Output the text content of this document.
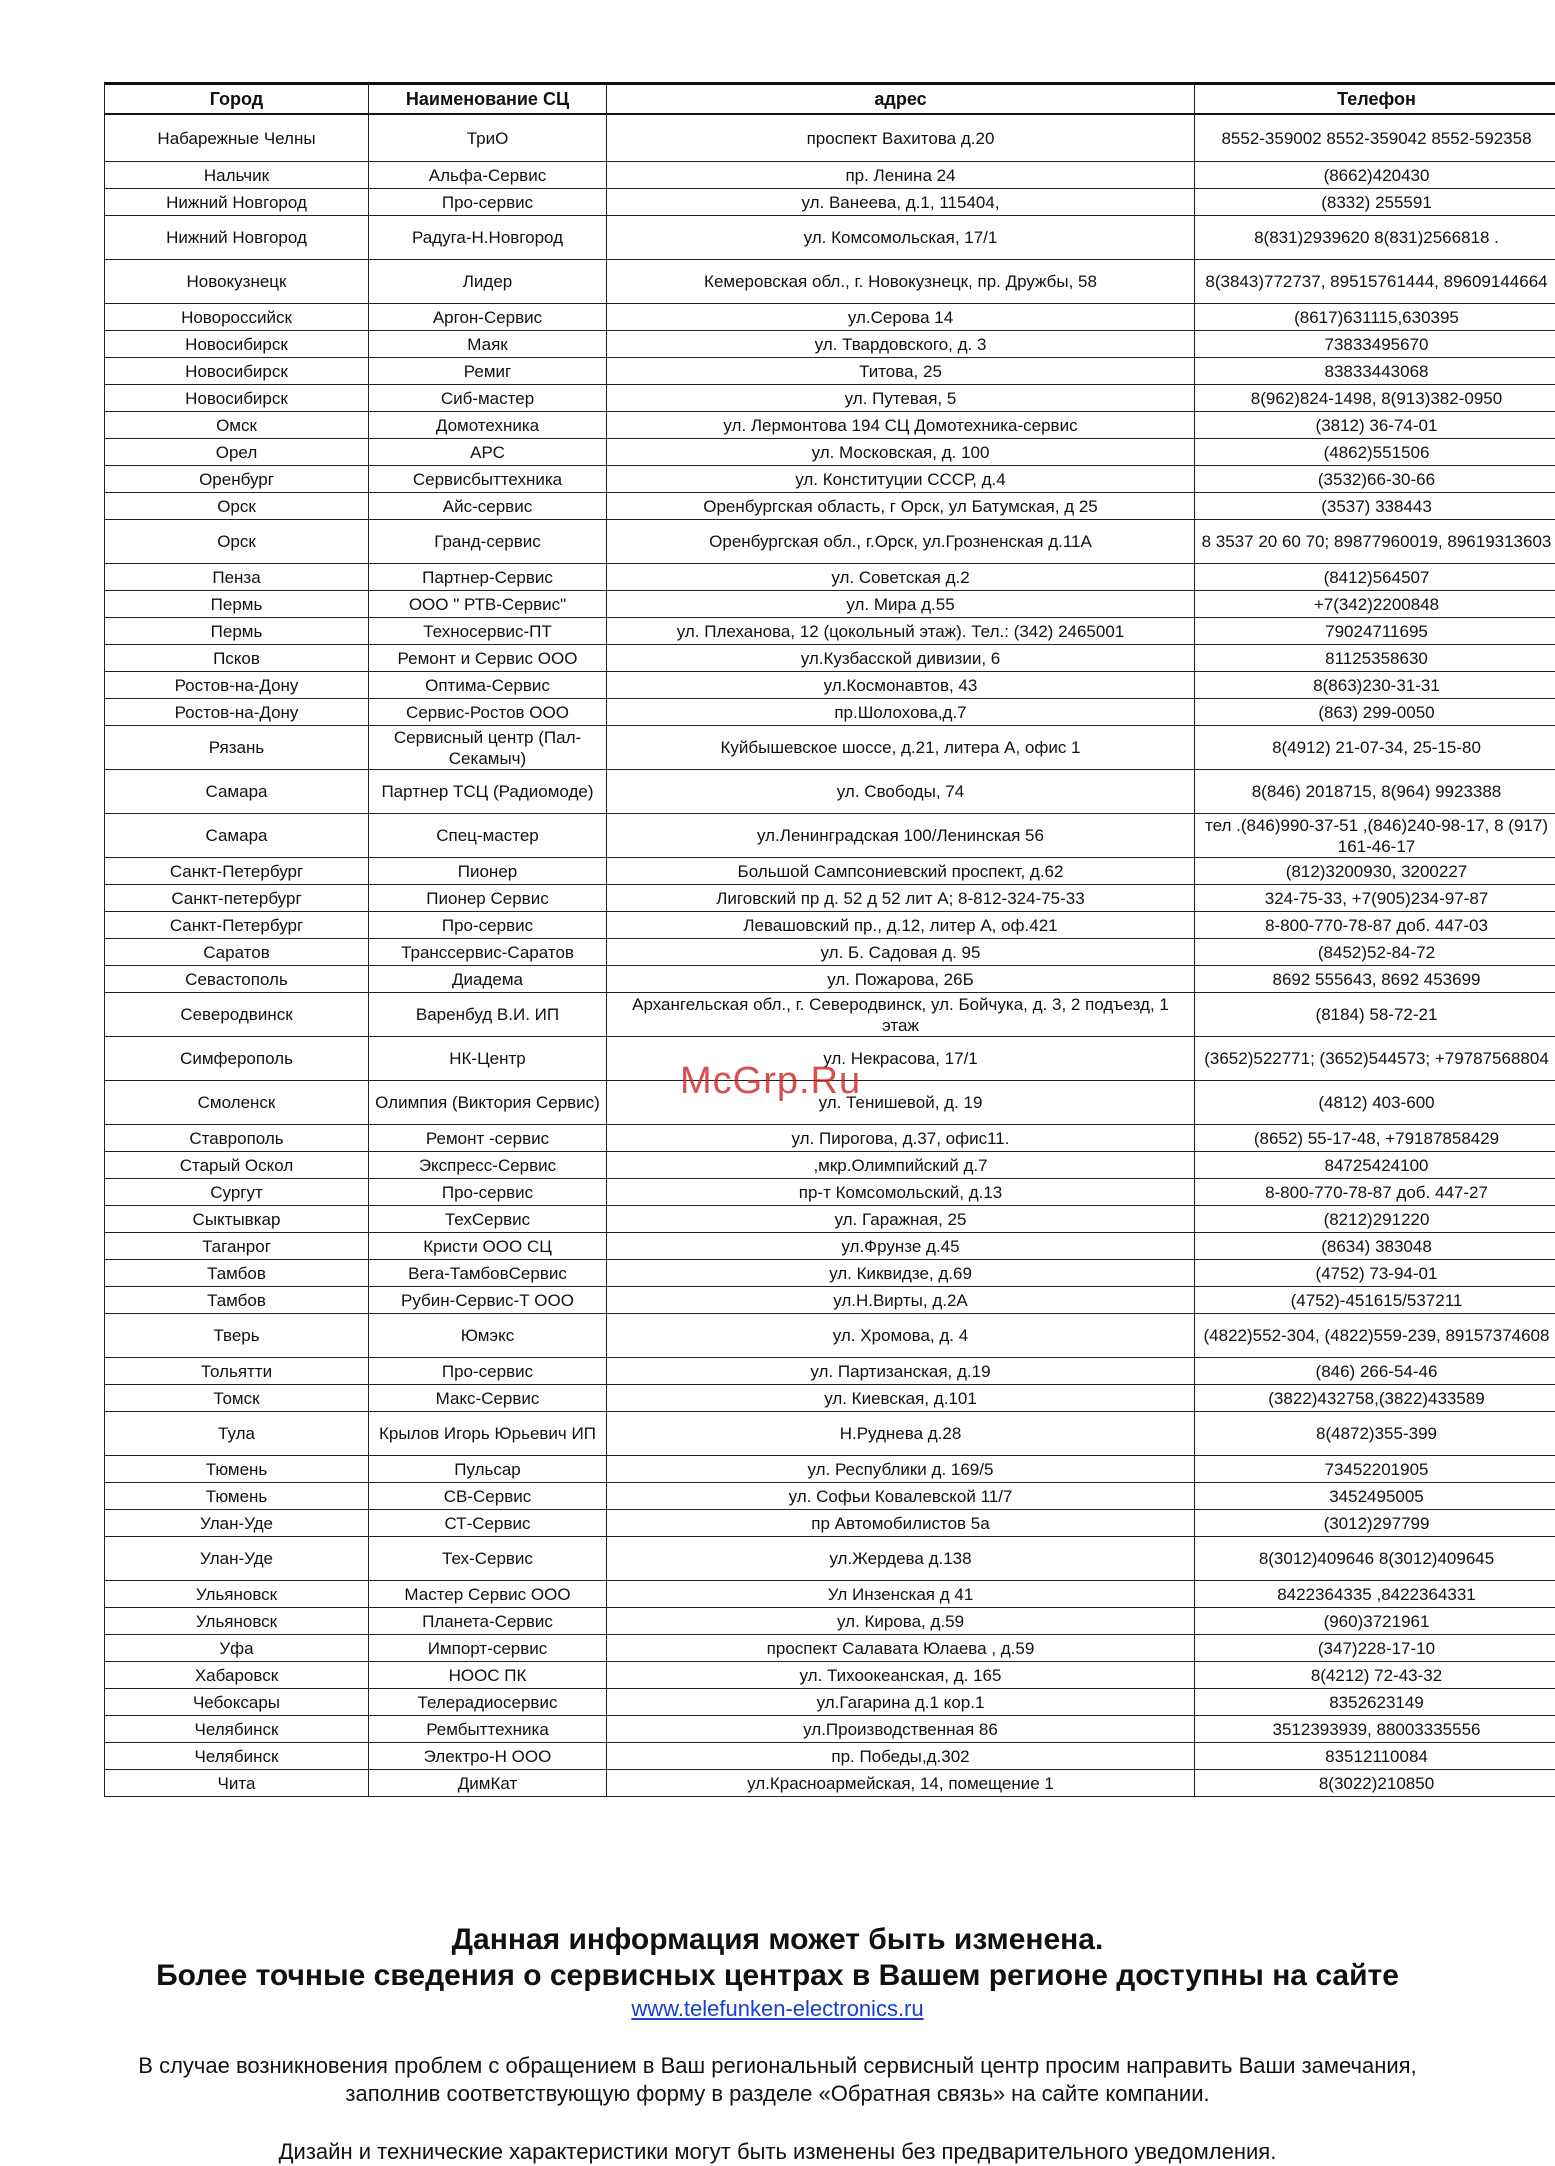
Город	Наименование СЦ	адрес	Телефон
Набарежные Челны	ТриО	проспект Вахитова д.20	8552-359002 8552-359042 8552-592358
Нальчик	Альфа-Сервис	пр. Ленина 24	(8662)420430
Нижний Новгород	Про-сервис	ул. Ванеева, д.1, 115404,	(8332) 255591
Нижний Новгород	Радуга-Н.Новгород	ул. Комсомольская, 17/1	8(831)2939620 8(831)2566818 .
Новокузнецк	Лидер	Кемеровская обл., г. Новокузнецк, пр. Дружбы, 58	8(3843)772737, 89515761444, 89609144664
Новороссийск	Аргон-Сервис	ул.Серова 14	(8617)631115,630395
Новосибирск	Маяк	ул. Твардовского, д. 3	73833495670
Новосибирск	Ремиг	Титова, 25	83833443068
Новосибирск	Сиб-мастер	ул. Путевая, 5	8(962)824-1498, 8(913)382-0950
Омск	Домотехника	ул. Лермонтова 194 СЦ Домотехника-сервис	(3812) 36-74-01
Орел	АРС	ул. Московская, д. 100	(4862)551506
Оренбург	Сервисбыттехника	ул. Конституции СССР, д.4	(3532)66-30-66
Орск	Айс-сервис	Оренбургская область, г Орск, ул Батумская, д 25	(3537) 338443
Орск	Гранд-сервис	Оренбургская обл., г.Орск, ул.Грозненская д.11А	8 3537 20 60 70; 89877960019, 89619313603
Пенза	Партнер-Сервис	ул. Советская д.2	(8412)564507
Пермь	ООО " РТВ-Сервис"	ул. Мира д.55	+7(342)2200848
Пермь	Техносервис-ПТ	ул. Плеханова, 12 (цокольный этаж). Тел.: (342) 2465001	79024711695
Псков	Ремонт и Сервис ООО	ул.Кузбасской дивизии, 6	81125358630
Ростов-на-Дону	Оптима-Сервис	ул.Космонавтов, 43	8(863)230-31-31
Ростов-на-Дону	Сервис-Ростов ООО	пр.Шолохова,д.7	(863) 299-0050
Рязань	Сервисный центр (Пал-Секамыч)	Куйбышевское шоссе, д.21, литера А, офис 1	8(4912) 21-07-34, 25-15-80
Самара	Партнер ТСЦ (Радиомоде)	ул. Свободы, 74	8(846) 2018715, 8(964) 9923388
Самара	Спец-мастер	ул.Ленинградская 100/Ленинская 56	тел .(846)990-37-51 ,(846)240-98-17, 8 (917) 161-46-17
Санкт-Петербург	Пионер	Большой Сампсониевский проспект, д.62	(812)3200930, 3200227
Санкт-петербург	Пионер Сервис	Лиговский пр д. 52 д 52 лит А; 8-812-324-75-33	324-75-33, +7(905)234-97-87
Санкт-Петербург	Про-сервис	Левашовский пр., д.12, литер А, оф.421	8-800-770-78-87 доб. 447-03
Саратов	Транссервис-Саратов	ул. Б. Садовая д. 95	(8452)52-84-72
Севастополь	Диадема	ул. Пожарова, 26Б	8692 555643, 8692 453699
Северодвинск	Варенбуд В.И. ИП	Архангельская обл., г. Северодвинск, ул. Бойчука, д. 3, 2 подъезд, 1 этаж	(8184) 58-72-21
Симферополь	НК-Центр	ул. Некрасова, 17/1	(3652)522771; (3652)544573; +79787568804
Смоленск	Олимпия (Виктория Сервис)	ул. Тенишевой, д. 19	(4812) 403-600
Ставрополь	Ремонт -сервис	ул. Пирогова, д.37, офис11.	(8652) 55-17-48, +79187858429
Старый Оскол	Экспресс-Сервис	,мкр.Олимпийский д.7	84725424100
Сургут	Про-сервис	пр-т Комсомольский, д.13	8-800-770-78-87 доб. 447-27
Сыктывкар	ТехСервис	ул. Гаражная, 25	(8212)291220
Таганрог	Кристи ООО СЦ	ул.Фрунзе д.45	(8634) 383048
Тамбов	Вега-ТамбовСервис	ул. Киквидзе, д.69	(4752) 73-94-01
Тамбов	Рубин-Сервис-Т ООО	ул.Н.Вирты, д.2А	(4752)-451615/537211
Тверь	Юмэкс	ул. Хромова, д. 4	(4822)552-304, (4822)559-239, 89157374608
Тольятти	Про-сервис	ул. Партизанская, д.19	(846) 266-54-46
Томск	Макс-Сервис	ул. Киевская, д.101	(3822)432758,(3822)433589
Тула	Крылов Игорь Юрьевич ИП	Н.Руднева д.28	8(4872)355-399
Тюмень	Пульсар	ул. Республики д. 169/5	73452201905
Тюмень	СВ-Сервис	ул. Софьи Ковалевской 11/7	3452495005
Улан-Уде	СТ-Сервис	пр Автомобилистов 5а	(3012)297799
Улан-Уде	Тех-Сервис	ул.Жердева д.138	8(3012)409646 8(3012)409645
Ульяновск	Мастер Сервис ООО	Ул Инзенская д 41	8422364335 ,8422364331
Ульяновск	Планета-Сервис	ул. Кирова, д.59	(960)3721961
Уфа	Импорт-сервис	проспект Салавата Юлаева , д.59	(347)228-17-10
Хабаровск	НООС ПК	ул. Тихоокеанская, д. 165	8(4212) 72-43-32
Чебоксары	Телерадиосервис	ул.Гагарина д.1 кор.1	8352623149
Челябинск	Рембыттехника	ул.Производственная 86	3512393939, 88003335556
Челябинск	Электро-Н ООО	пр. Победы,д.302	83512110084
Чита	ДимКат	ул.Красноармейская, 14, помещение 1	8(3022)210850
McGrp.Ru

Данная информация может быть изменена.

Более точные сведения о сервисных центрах в Вашем регионе доступны на сайте

www.telefunken-electronics.ru

В случае возникновения проблем с обращением в Ваш региональный сервисный центр просим направить Ваши замечания,
заполнив соответствующую форму в разделе «Обратная связь» на сайте компании.

Дизайн и технические характеристики могут быть изменены без предварительного уведомления.
